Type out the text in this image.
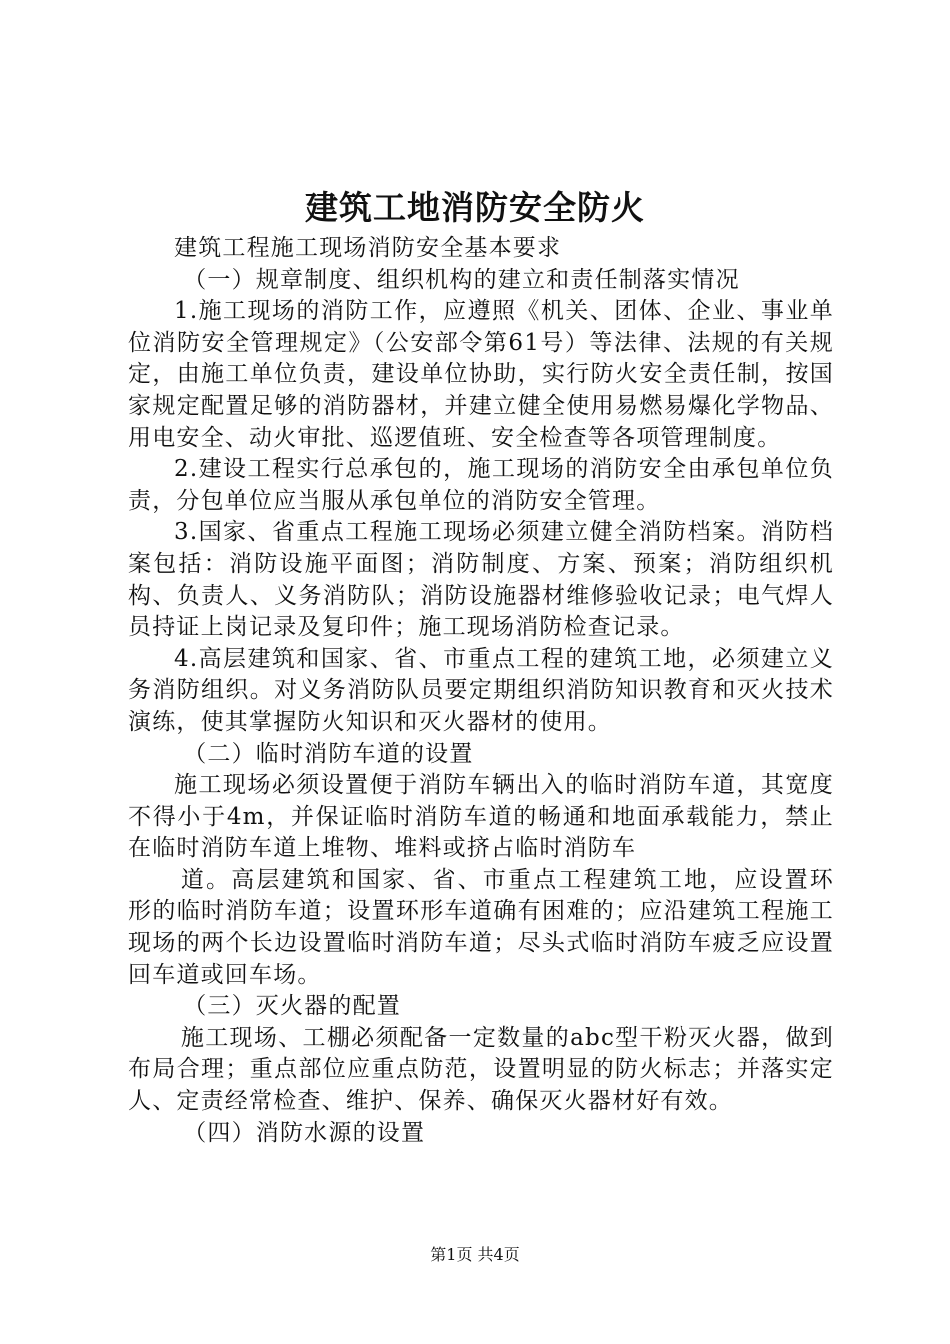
建筑工地消防安全防火

建筑工程施工现场消防安全基本要求

（一）规章制度、组织机构的建立和责任制落实情况

1.施工现场的消防工作，应遵照《机关、团体、企业、事业单位消防安全管理规定》（公安部令第61号）等法律、法规的有关规定，由施工单位负责，建设单位协助，实行防火安全责任制，按国家规定配置足够的消防器材，并建立健全使用易燃易爆化学物品、用电安全、动火审批、巡逻值班、安全检查等各项管理制度。

2.建设工程实行总承包的，施工现场的消防安全由承包单位负责，分包单位应当服从承包单位的消防安全管理。

3.国家、省重点工程施工现场必须建立健全消防档案。消防档案包括：消防设施平面图；消防制度、方案、预案；消防组织机构、负责人、义务消防队；消防设施器材维修验收记录；电气焊人员持证上岗记录及复印件；施工现场消防检查记录。

4.高层建筑和国家、省、市重点工程的建筑工地，必须建立义务消防组织。对义务消防队员要定期组织消防知识教育和灭火技术演练，使其掌握防火知识和灭火器材的使用。

（二）临时消防车道的设置

施工现场必须设置便于消防车辆出入的临时消防车道，其宽度不得小于4m，并保证临时消防车道的畅通和地面承载能力，禁止在临时消防车道上堆物、堆料或挤占临时消防车

道。高层建筑和国家、省、市重点工程建筑工地，应设置环形的临时消防车道；设置环形车道确有困难的；应沿建筑工程施工现场的两个长边设置临时消防车道；尽头式临时消防车疲乏应设置回车道或回车场。

（三）灭火器的配置

施工现场、工棚必须配备一定数量的abc型干粉灭火器，做到布局合理；重点部位应重点防范，设置明显的防火标志；并落实定人、定责经常检查、维护、保养、确保灭火器材好有效。

（四）消防水源的设置

第1页 共4页
